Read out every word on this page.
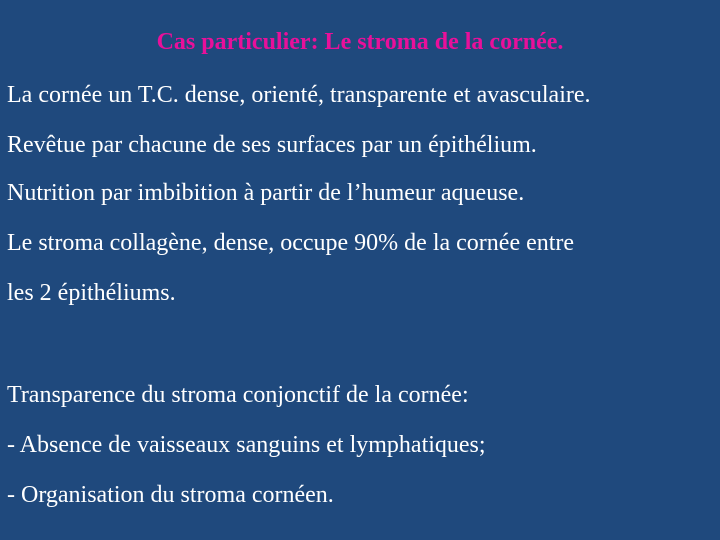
Cas particulier: Le stroma de la cornée.
La cornée un T.C. dense, orienté, transparente et avasculaire.
Revêtue par chacune de ses surfaces par un épithélium.
Nutrition par imbibition à partir de l’humeur aqueuse.
Le stroma collagène, dense, occupe 90% de la cornée entre
les 2 épithéliums.
Transparence du stroma conjonctif de la cornée:
- Absence de vaisseaux sanguins et lymphatiques;
- Organisation du stroma cornéen.
